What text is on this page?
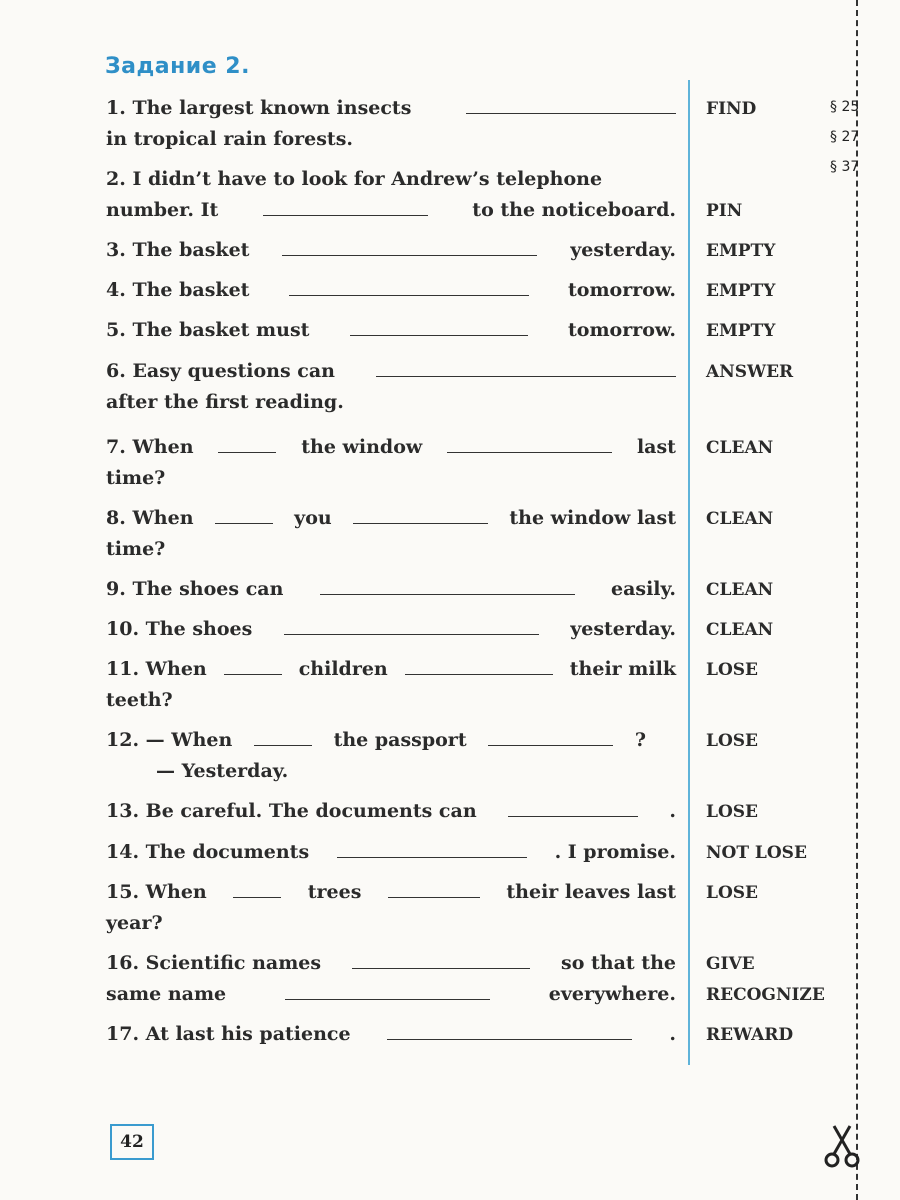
Задание 2.
§ 25
§ 27
§ 37
1. The largest known insects
in tropical rain forests.
FIND
2. I didn’t have to look for Andrew’s telephone
number. It	to the noticeboard. PIN
3. The basket	yesterday. EMPTY
4. The basket	tomorrow. EMPTY
5. The basket must	tomorrow. EMPTY
6. Easy questions can
after the first reading.
ANSWER
7. When	the window	last
time?
CLEAN
8. When	you	the window last
time?
CLEAN
9. The shoes can	easily. CLEAN
10. The shoes	yesterday. CLEAN
11. When	children	their milk
teeth?
LOSE
12. — When	the passport	?
— Yesterday.
LOSE
13. Be careful. The documents can	. LOSE
14. The documents	. I promise. NOT LOSE
15. When	trees	their leaves last
year?
LOSE
16. Scientific names	so that the
same name	everywhere.
GIVE
RECOGNIZE
17. At last his patience	. REWARD
42
